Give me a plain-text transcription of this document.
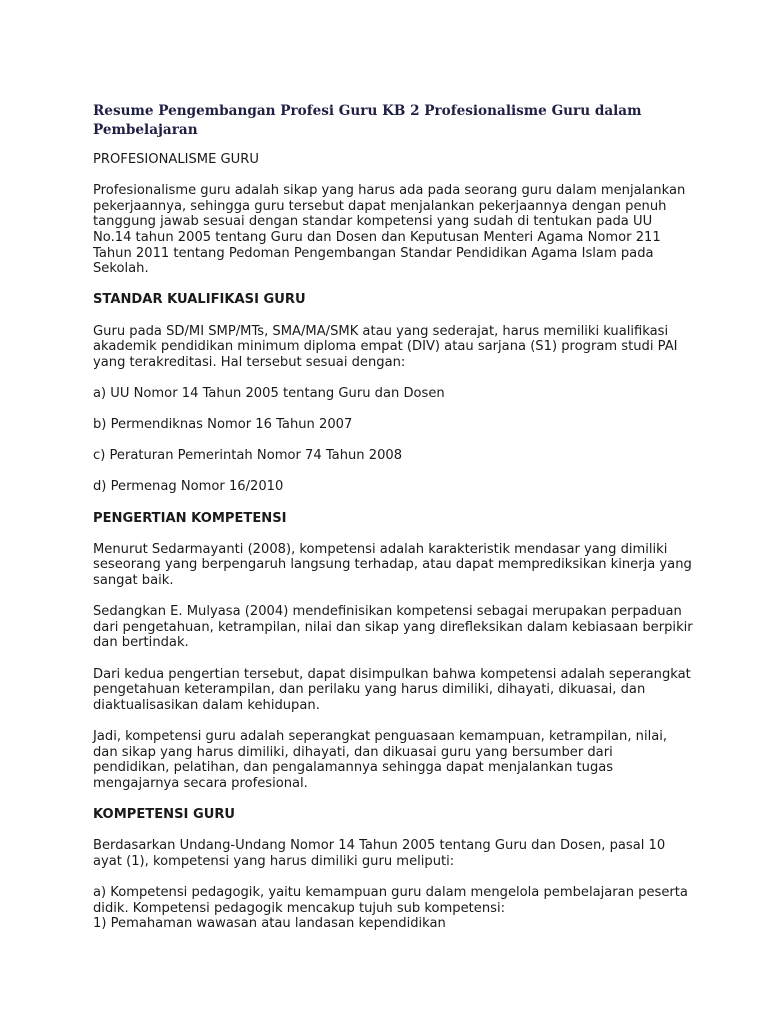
Resume Pengembangan Profesi Guru KB 2 Profesionalisme Guru dalam Pembelajaran

PROFESIONALISME GURU

Profesionalisme guru adalah sikap yang harus ada pada seorang guru dalam menjalankan pekerjaannya, sehingga guru tersebut dapat menjalankan pekerjaannya dengan penuh tanggung jawab sesuai dengan standar kompetensi yang sudah di tentukan pada UU No.14 tahun 2005 tentang Guru dan Dosen dan Keputusan Menteri Agama Nomor 211 Tahun 2011 tentang Pedoman Pengembangan Standar Pendidikan Agama Islam pada Sekolah.

STANDAR KUALIFIKASI GURU

Guru pada SD/MI SMP/MTs, SMA/MA/SMK atau yang sederajat, harus memiliki kualifikasi akademik pendidikan minimum diploma empat (DIV) atau sarjana (S1) program studi PAI yang terakreditasi. Hal tersebut sesuai dengan:

a) UU Nomor 14 Tahun 2005 tentang Guru dan Dosen

b) Permendiknas Nomor 16 Tahun 2007

c) Peraturan Pemerintah Nomor 74 Tahun 2008

d) Permenag Nomor 16/2010

PENGERTIAN KOMPETENSI

Menurut Sedarmayanti (2008), kompetensi adalah karakteristik mendasar yang dimiliki seseorang yang berpengaruh langsung terhadap, atau dapat memprediksikan kinerja yang sangat baik.

Sedangkan E. Mulyasa (2004) mendefinisikan kompetensi sebagai merupakan perpaduan dari pengetahuan, ketrampilan, nilai dan sikap yang direfleksikan dalam kebiasaan berpikir dan bertindak.

Dari kedua pengertian tersebut, dapat disimpulkan bahwa kompetensi adalah seperangkat pengetahuan keterampilan, dan perilaku yang harus dimiliki, dihayati, dikuasai, dan diaktualisasikan dalam kehidupan.

Jadi, kompetensi guru adalah seperangkat penguasaan kemampuan, ketrampilan, nilai, dan sikap yang harus dimiliki, dihayati, dan dikuasai guru yang bersumber dari pendidikan, pelatihan, dan pengalamannya sehingga dapat menjalankan tugas mengajarnya secara profesional.

KOMPETENSI GURU

Berdasarkan Undang-Undang Nomor 14 Tahun 2005 tentang Guru dan Dosen, pasal 10 ayat (1), kompetensi yang harus dimiliki guru meliputi:

a) Kompetensi pedagogik, yaitu kemampuan guru dalam mengelola pembelajaran peserta didik. Kompetensi pedagogik mencakup tujuh sub kompetensi:

1) Pemahaman wawasan atau landasan kependidikan
